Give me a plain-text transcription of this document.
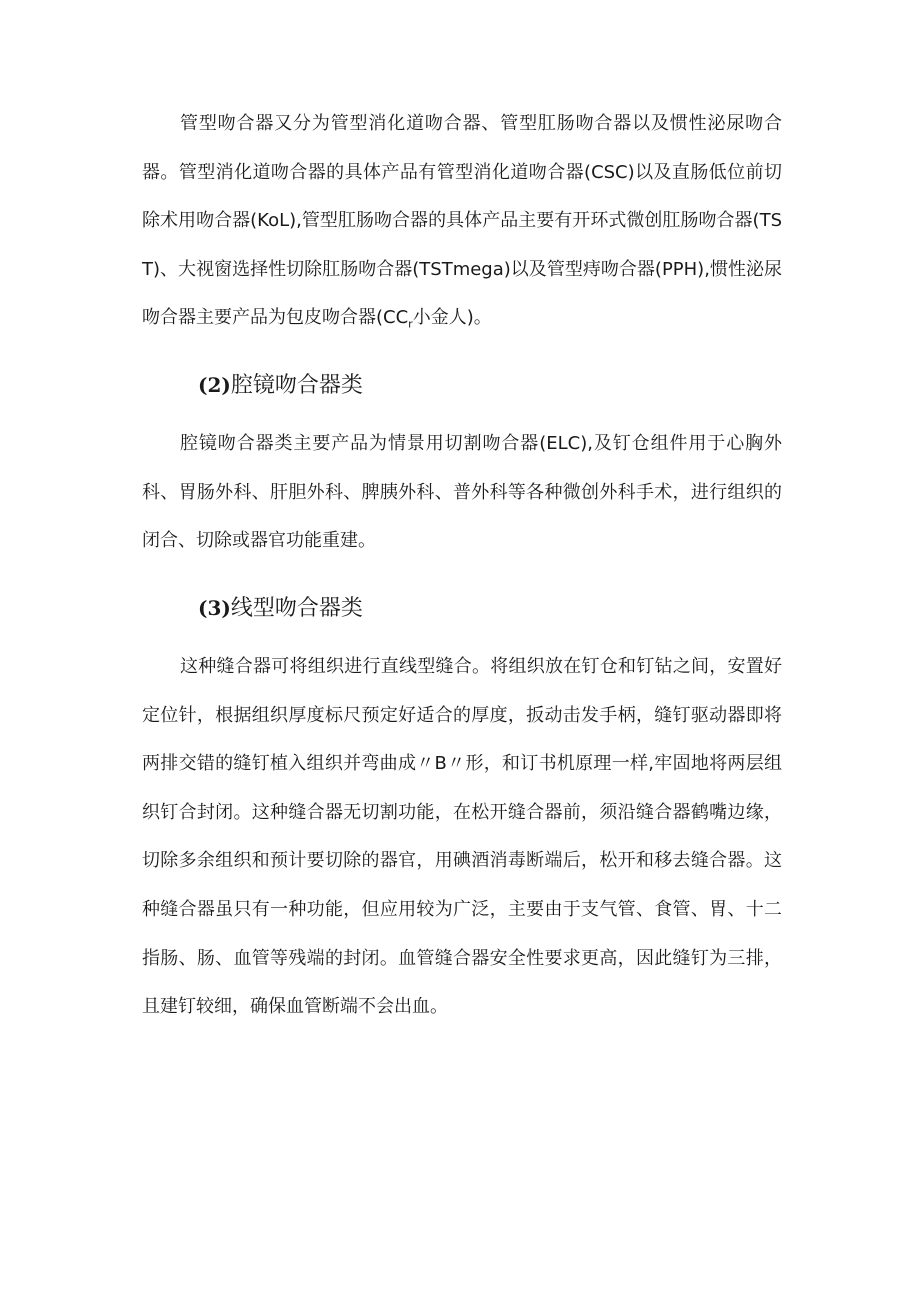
管型吻合器又分为管型消化道吻合器、管型肛肠吻合器以及惯性泌尿吻合器。管型消化道吻合器的具体产品有管型消化道吻合器(CSC)以及直肠低位前切除术用吻合器(KoL),管型肛肠吻合器的具体产品主要有开环式微创肛肠吻合器(TST)、大视窗选择性切除肛肠吻合器(TSTmega)以及管型痔吻合器(PPH),惯性泌尿吻合器主要产品为包皮吻合器($CC_r$小金人)。

(2)腔镜吻合器类

腔镜吻合器类主要产品为情景用切割吻合器(ELC),及钉仓组件用于心胸外科、胃肠外科、肝胆外科、脾胰外科、普外科等各种微创外科手术，进行组织的闭合、切除或器官功能重建。

(3)线型吻合器类

这种缝合器可将组织进行直线型缝合。将组织放在钉仓和钉钻之间，安置好定位针，根据组织厚度标尺预定好适合的厚度，扳动击发手柄，缝钉驱动器即将两排交错的缝钉植入组织并弯曲成〃B〃形，和订书机原理一样,牢固地将两层组织钉合封闭。这种缝合器无切割功能，在松开缝合器前，须沿缝合器鹤嘴边缘，切除多余组织和预计要切除的器官，用碘酒消毒断端后，松开和移去缝合器。这种缝合器虽只有一种功能，但应用较为广泛，主要由于支气管、食管、胃、十二指肠、肠、血管等残端的封闭。血管缝合器安全性要求更高，因此缝钉为三排，且建钉较细，确保血管断端不会出血。
